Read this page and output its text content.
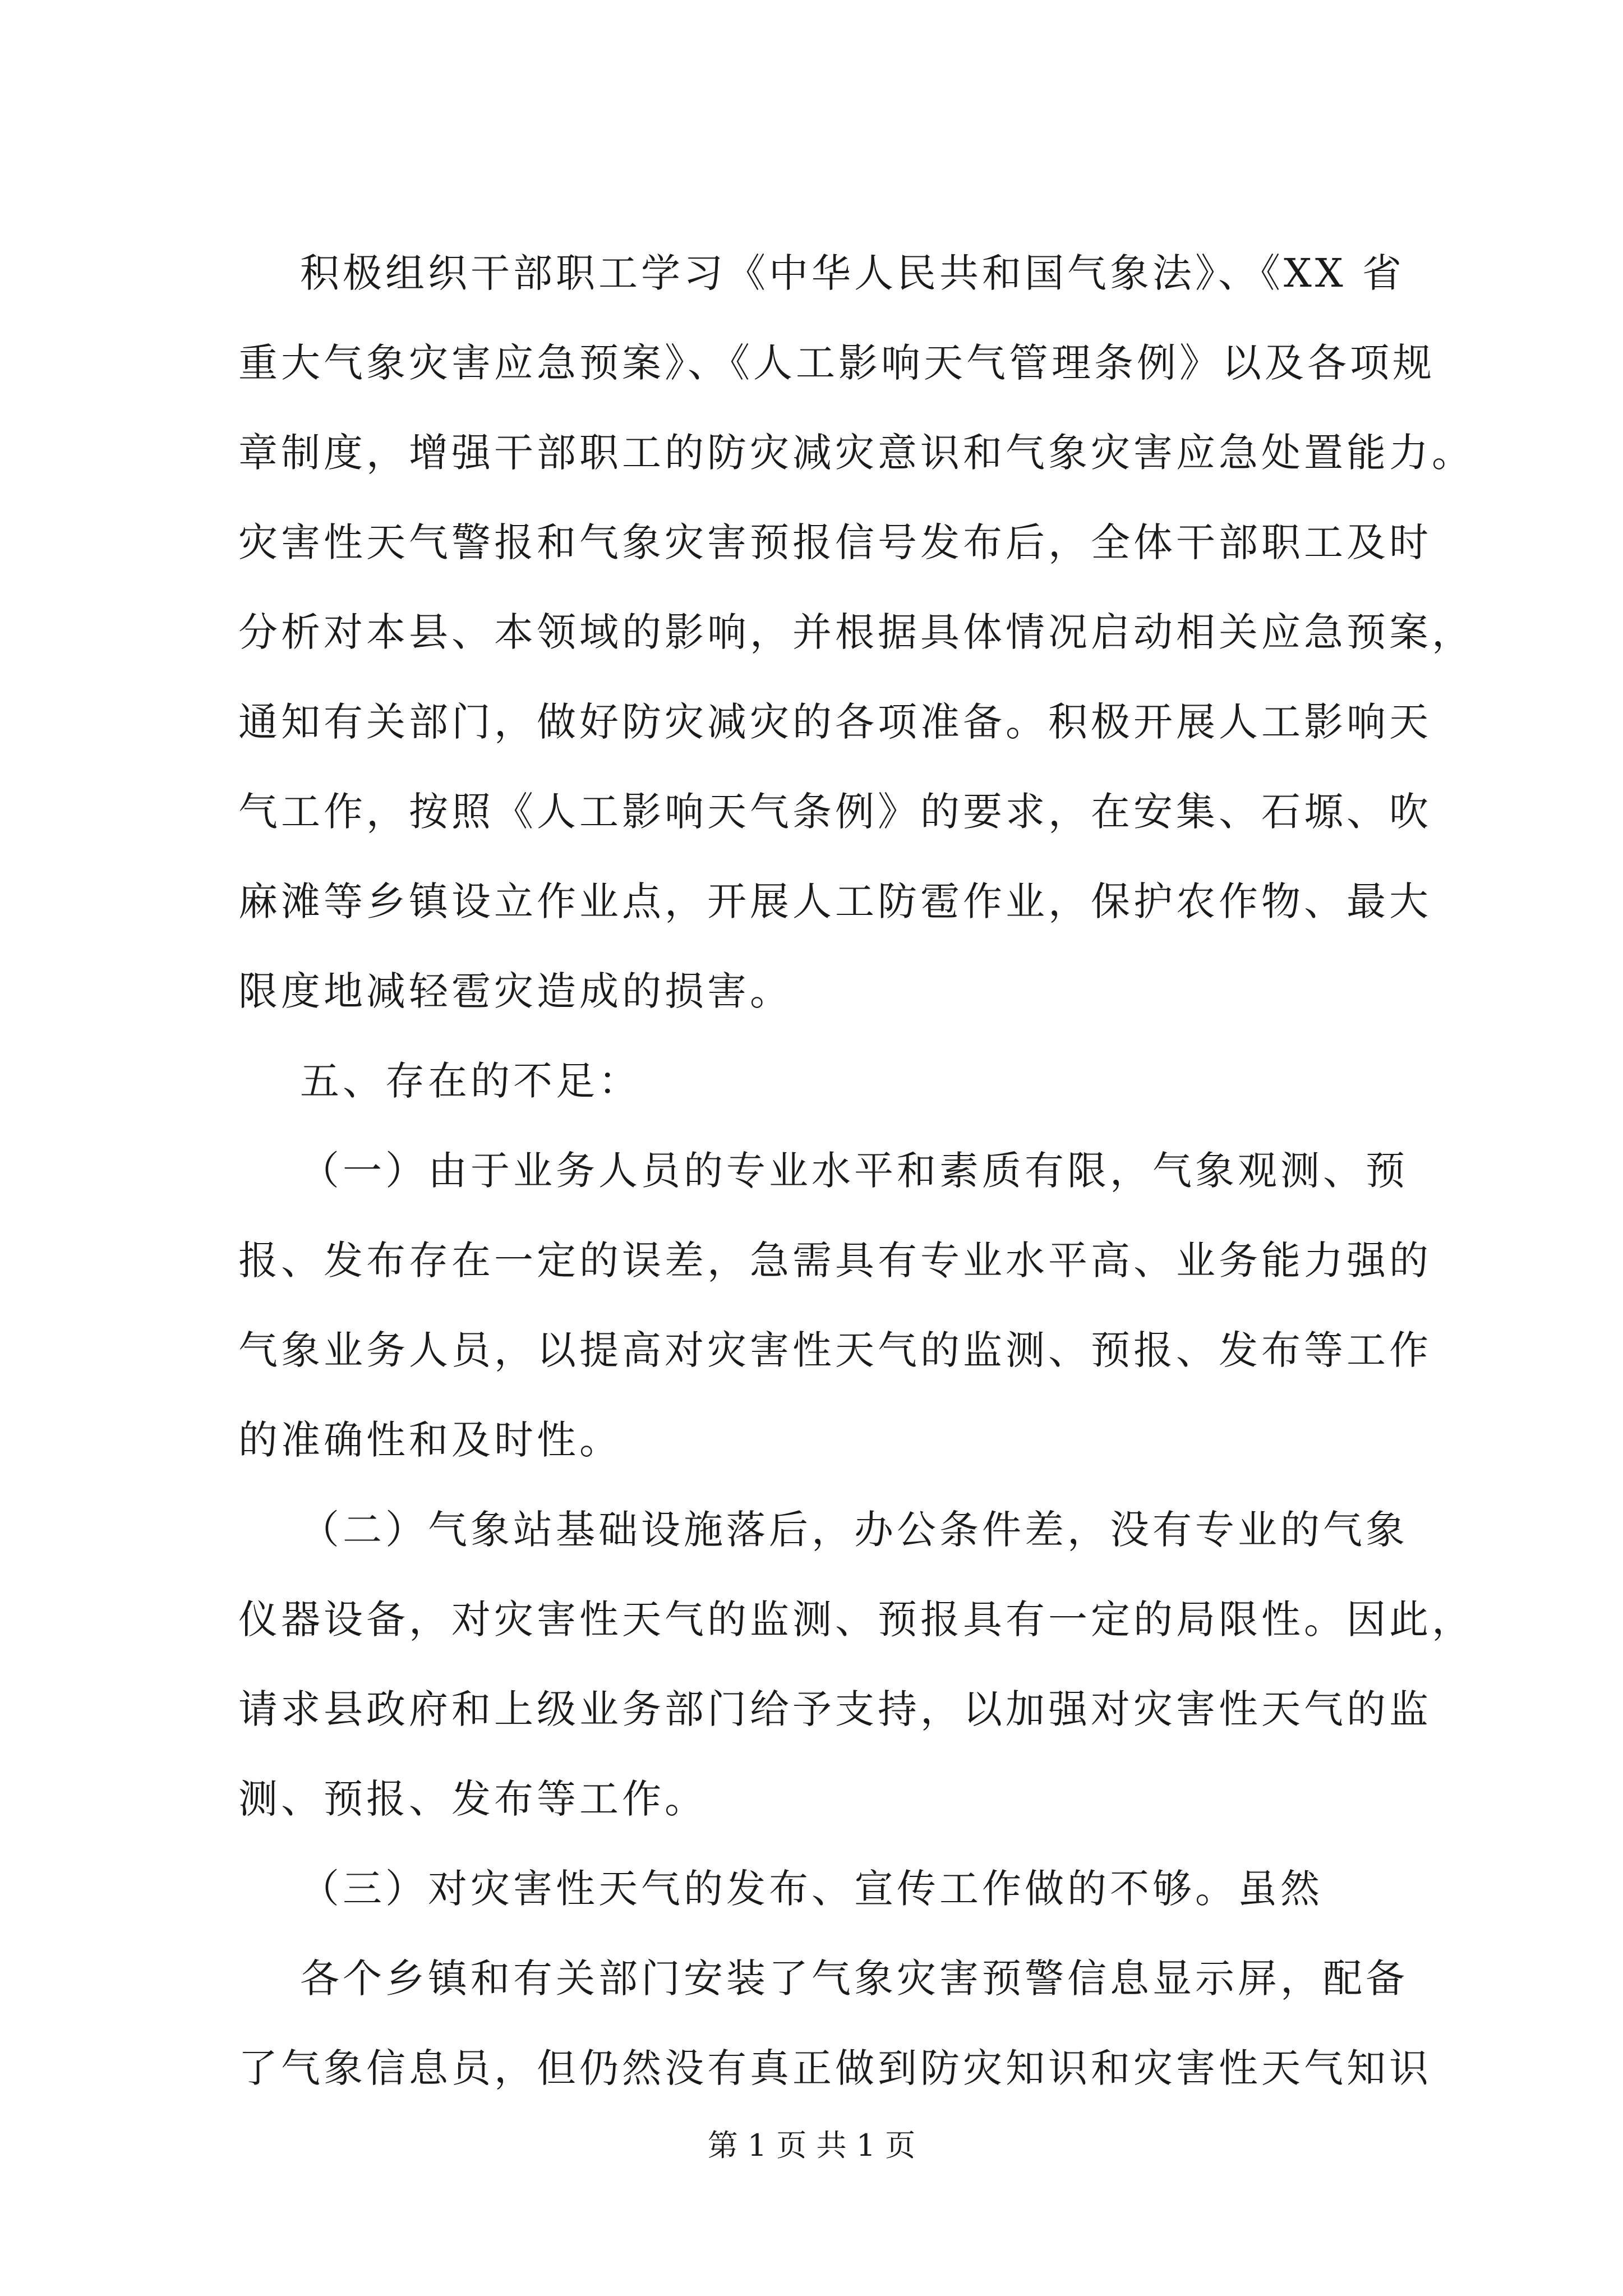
积极组织干部职工学习《中华人民共和国气象法》、《XX 省
重大气象灾害应急预案》、《人工影响天气管理条例》以及各项规
章制度，增强干部职工的防灾减灾意识和气象灾害应急处置能力。
灾害性天气警报和气象灾害预报信号发布后，全体干部职工及时
分析对本县、本领域的影响，并根据具体情况启动相关应急预案，
通知有关部门，做好防灾减灾的各项准备。积极开展人工影响天
气工作，按照《人工影响天气条例》的要求，在安集、石塬、吹
麻滩等乡镇设立作业点，开展人工防雹作业，保护农作物、最大
限度地减轻雹灾造成的损害。
五、存在的不足：
（一）由于业务人员的专业水平和素质有限，气象观测、预
报、发布存在一定的误差，急需具有专业水平高、业务能力强的
气象业务人员，以提高对灾害性天气的监测、预报、发布等工作
的准确性和及时性。
（二）气象站基础设施落后，办公条件差，没有专业的气象
仪器设备，对灾害性天气的监测、预报具有一定的局限性。因此，
请求县政府和上级业务部门给予支持，以加强对灾害性天气的监
测、预报、发布等工作。
（三）对灾害性天气的发布、宣传工作做的不够。虽然
各个乡镇和有关部门安装了气象灾害预警信息显示屏，配备
了气象信息员，但仍然没有真正做到防灾知识和灾害性天气知识
第 1 页 共 1 页
